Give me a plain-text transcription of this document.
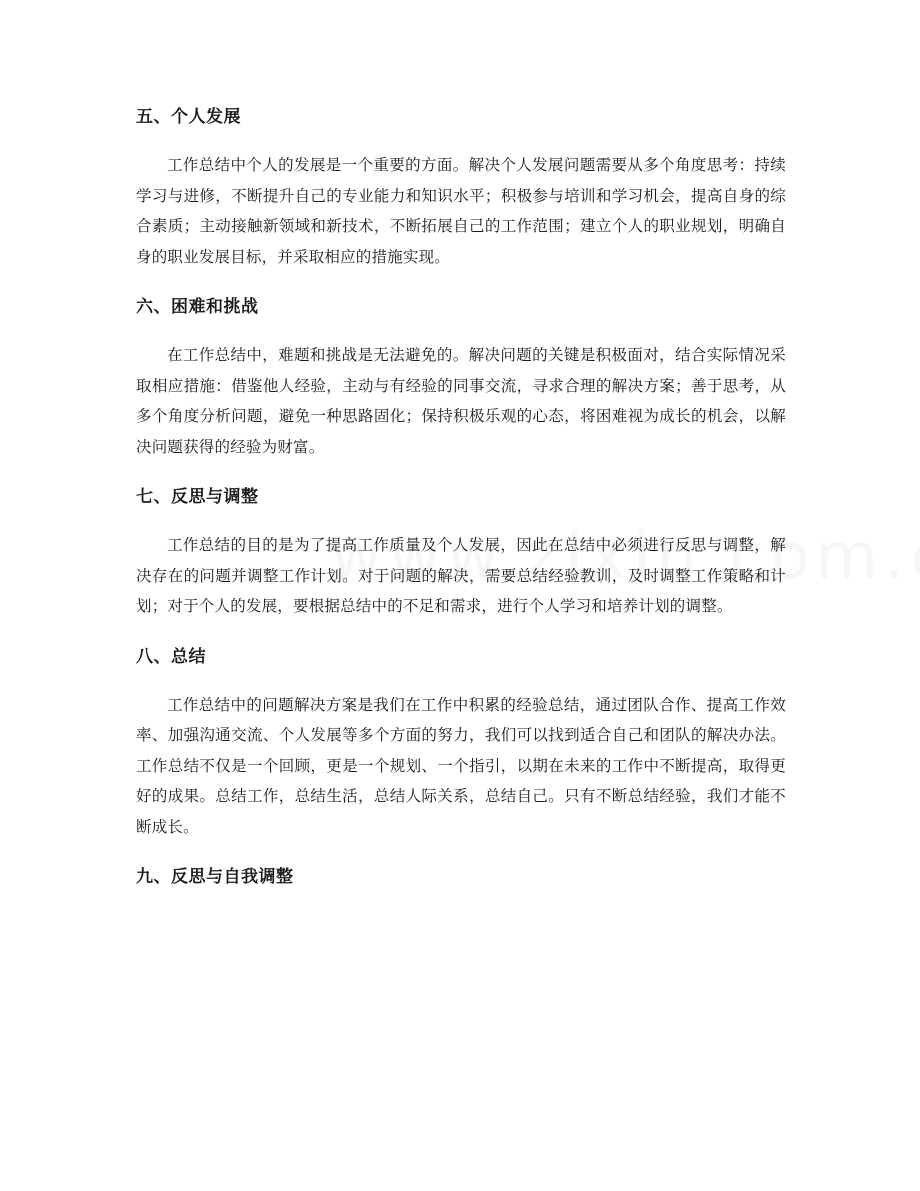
五、个人发展

工作总结中个人的发展是一个重要的方面。解决个人发展问题需要从多个角度思考：持续学习与进修，不断提升自己的专业能力和知识水平；积极参与培训和学习机会，提高自身的综合素质；主动接触新领域和新技术，不断拓展自己的工作范围；建立个人的职业规划，明确自身的职业发展目标，并采取相应的措施实现。

六、困难和挑战

在工作总结中，难题和挑战是无法避免的。解决问题的关键是积极面对，结合实际情况采取相应措施：借鉴他人经验，主动与有经验的同事交流，寻求合理的解决方案；善于思考，从多个角度分析问题，避免一种思路固化；保持积极乐观的心态，将困难视为成长的机会，以解决问题获得的经验为财富。

七、反思与调整

工作总结的目的是为了提高工作质量及个人发展，因此在总结中必须进行反思与调整，解决存在的问题并调整工作计划。对于问题的解决，需要总结经验教训，及时调整工作策略和计划；对于个人的发展，要根据总结中的不足和需求，进行个人学习和培养计划的调整。

八、总结

工作总结中的问题解决方案是我们在工作中积累的经验总结，通过团队合作、提高工作效率、加强沟通交流、个人发展等多个方面的努力，我们可以找到适合自己和团队的解决办法。工作总结不仅是一个回顾，更是一个规划、一个指引，以期在未来的工作中不断提高，取得更好的成果。总结工作，总结生活，总结人际关系，总结自己。只有不断总结经验，我们才能不断成长。

九、反思与自我调整
